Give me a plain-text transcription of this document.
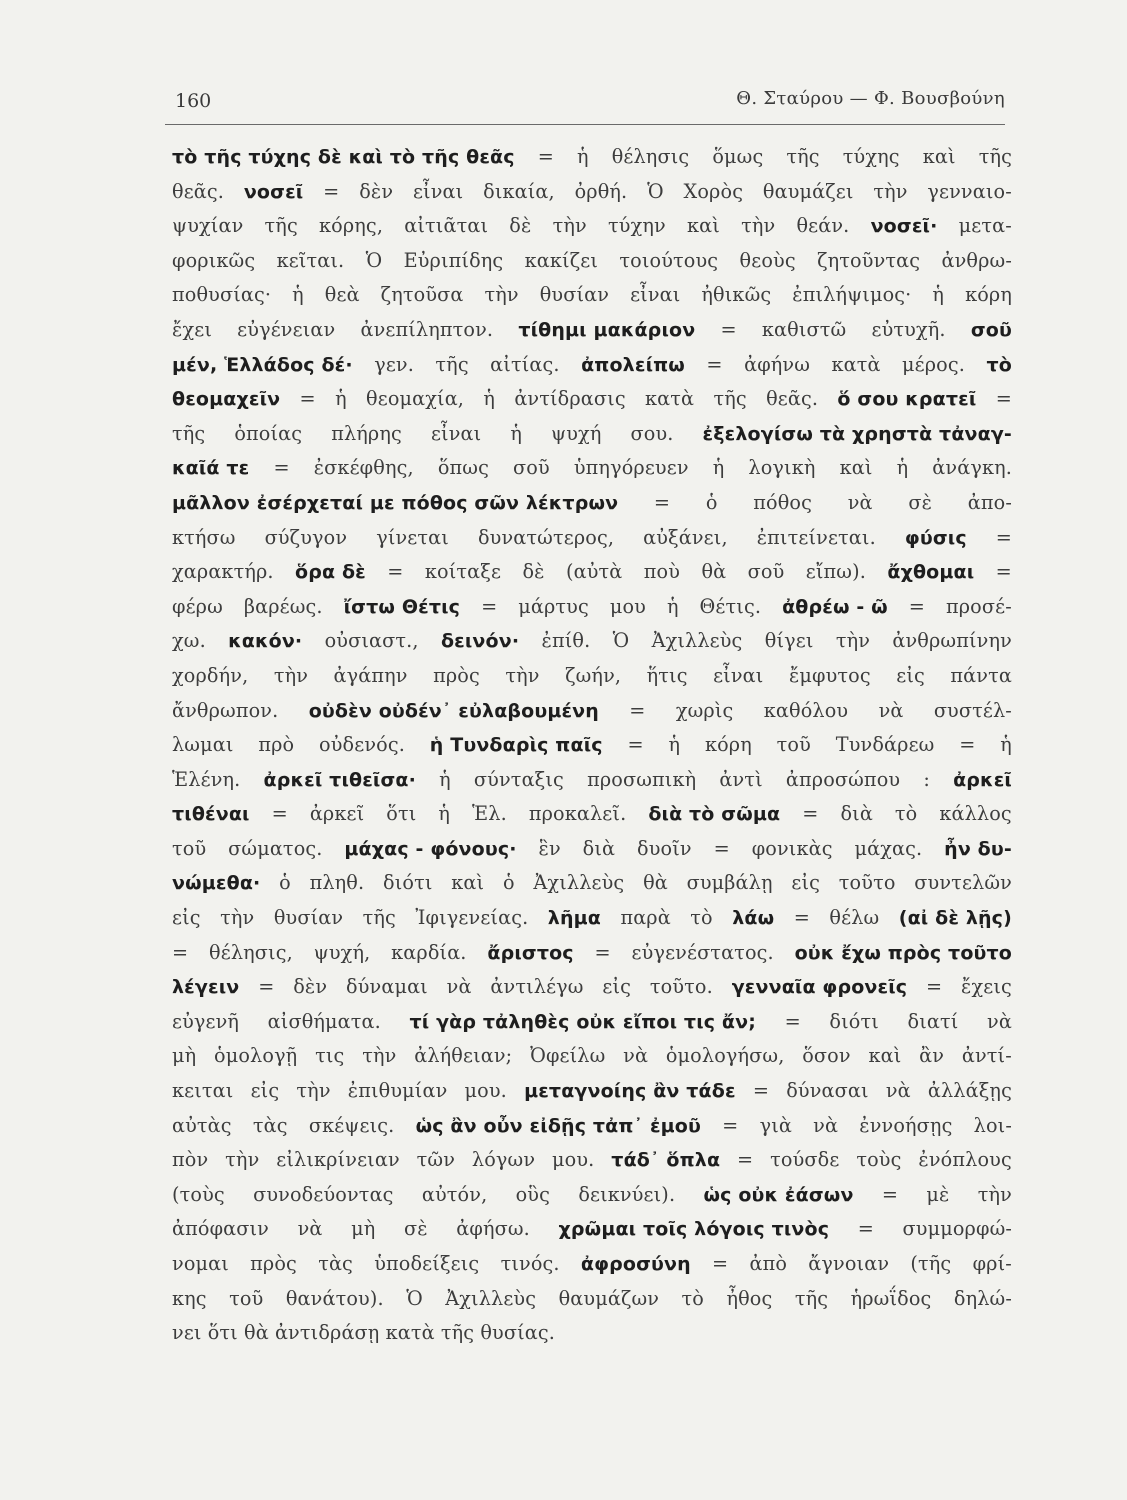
160	Θ. Σταύρου — Φ. Βουσβούνη
τὸ τῆς τύχης δὲ καὶ τὸ τῆς θεᾶς = ἡ θέλησις ὅμως τῆς τύχης καὶ τῆς
θεᾶς. νοσεῖ = δὲν εἶναι δικαία, ὀρθή. Ὁ Χορὸς θαυμάζει τὴν γενναιο-
ψυχίαν τῆς κόρης, αἰτιᾶται δὲ τὴν τύχην καὶ τὴν θεάν. νοσεῖ· μετα-
φορικῶς κεῖται. Ὁ Εὐριπίδης κακίζει τοιούτους θεοὺς ζητοῦντας ἀνθρω-
ποθυσίας· ἡ θεὰ ζητοῦσα τὴν θυσίαν εἶναι ἠθικῶς ἐπιλήψιμος· ἡ κόρη
ἔχει εὐγένειαν ἀνεπίληπτον. τίθημι μακάριον = καθιστῶ εὐτυχῆ. σοῦ
μέν, Ἑλλάδος δέ· γεν. τῆς αἰτίας. ἀπολείπω = ἀφήνω κατὰ μέρος. τὸ
θεομαχεῖν = ἡ θεομαχία, ἡ ἀντίδρασις κατὰ τῆς θεᾶς. ὅ σου κρατεῖ =
τῆς ὁποίας πλήρης εἶναι ἡ ψυχή σου. ἐξελογίσω τὰ χρηστὰ τἀναγ-
καῖά τε = ἐσκέφθης, ὅπως σοῦ ὑπηγόρευεν ἡ λογικὴ καὶ ἡ ἀνάγκη.
μᾶλλον ἐσέρχεταί με πόθος σῶν λέκτρων = ὁ πόθος νὰ σὲ ἀπο-
κτήσω σύζυγον γίνεται δυνατώτερος, αὐξάνει, ἐπιτείνεται. φύσις =
χαρακτήρ. ὅρα δὲ = κοίταξε δὲ (αὐτὰ ποὺ θὰ σοῦ εἴπω). ἄχθομαι =
φέρω βαρέως. ἴστω Θέτις = μάρτυς μου ἡ Θέτις. ἀθρέω - ῶ = προσέ-
χω. κακόν· οὐσιαστ., δεινόν· ἐπίθ. Ὁ Ἀχιλλεὺς θίγει τὴν ἀνθρωπίνην
χορδήν, τὴν ἀγάπην πρὸς τὴν ζωήν, ἥτις εἶναι ἔμφυτος εἰς πάντα
ἄνθρωπον. οὐδὲν οὐδέν᾽ εὐλαβουμένη = χωρὶς καθόλου νὰ συστέλ-
λωμαι πρὸ οὐδενός. ἡ Τυνδαρὶς παῖς = ἡ κόρη τοῦ Τυνδάρεω = ἡ
Ἑλένη. ἀρκεῖ τιθεῖσα· ἡ σύνταξις προσωπικὴ ἀντὶ ἀπροσώπου : ἀρκεῖ
τιθέναι = ἀρκεῖ ὅτι ἡ Ἑλ. προκαλεῖ. διὰ τὸ σῶμα = διὰ τὸ κάλλος
τοῦ σώματος. μάχας - φόνους· ἓν διὰ δυοῖν = φονικὰς μάχας. ἦν δυ-
νώμεθα· ὁ πληθ. διότι καὶ ὁ Ἀχιλλεὺς θὰ συμβάλῃ εἰς τοῦτο συντελῶν
εἰς τὴν θυσίαν τῆς Ἰφιγενείας. λῆμα παρὰ τὸ λάω = θέλω (αἰ δὲ λῇς)
= θέλησις, ψυχή, καρδία. ἄριστος = εὐγενέστατος. οὐκ ἔχω πρὸς τοῦτο
λέγειν = δὲν δύναμαι νὰ ἀντιλέγω εἰς τοῦτο. γενναῖα φρονεῖς = ἔχεις
εὐγενῆ αἰσθήματα. τί γὰρ τἀληθὲς οὐκ εἴποι τις ἄν; = διότι διατί νὰ
μὴ ὁμολογῇ τις τὴν ἀλήθειαν; Ὀφείλω νὰ ὁμολογήσω, ὅσον καὶ ἂν ἀντί-
κειται εἰς τὴν ἐπιθυμίαν μου. μεταγνοίης ἂν τάδε = δύνασαι νὰ ἀλλάξῃς
αὐτὰς τὰς σκέψεις. ὡς ἂν οὖν εἰδῇς τἀπ᾽ ἐμοῦ = γιὰ νὰ ἐννοήσῃς λοι-
πὸν τὴν εἰλικρίνειαν τῶν λόγων μου. τάδ᾽ ὅπλα = τούσδε τοὺς ἐνόπλους
(τοὺς συνοδεύοντας αὐτόν, οὓς δεικνύει). ὡς οὐκ ἐάσων = μὲ τὴν
ἀπόφασιν νὰ μὴ σὲ ἀφήσω. χρῶμαι τοῖς λόγοις τινὸς = συμμορφώ-
νομαι πρὸς τὰς ὑποδείξεις τινός. ἀφροσύνη = ἀπὸ ἄγνοιαν (τῆς φρί-
κης τοῦ θανάτου). Ὁ Ἀχιλλεὺς θαυμάζων τὸ ἦθος τῆς ἡρωΐδος δηλώ-
νει ὅτι θὰ ἀντιδράσῃ κατὰ τῆς θυσίας.
